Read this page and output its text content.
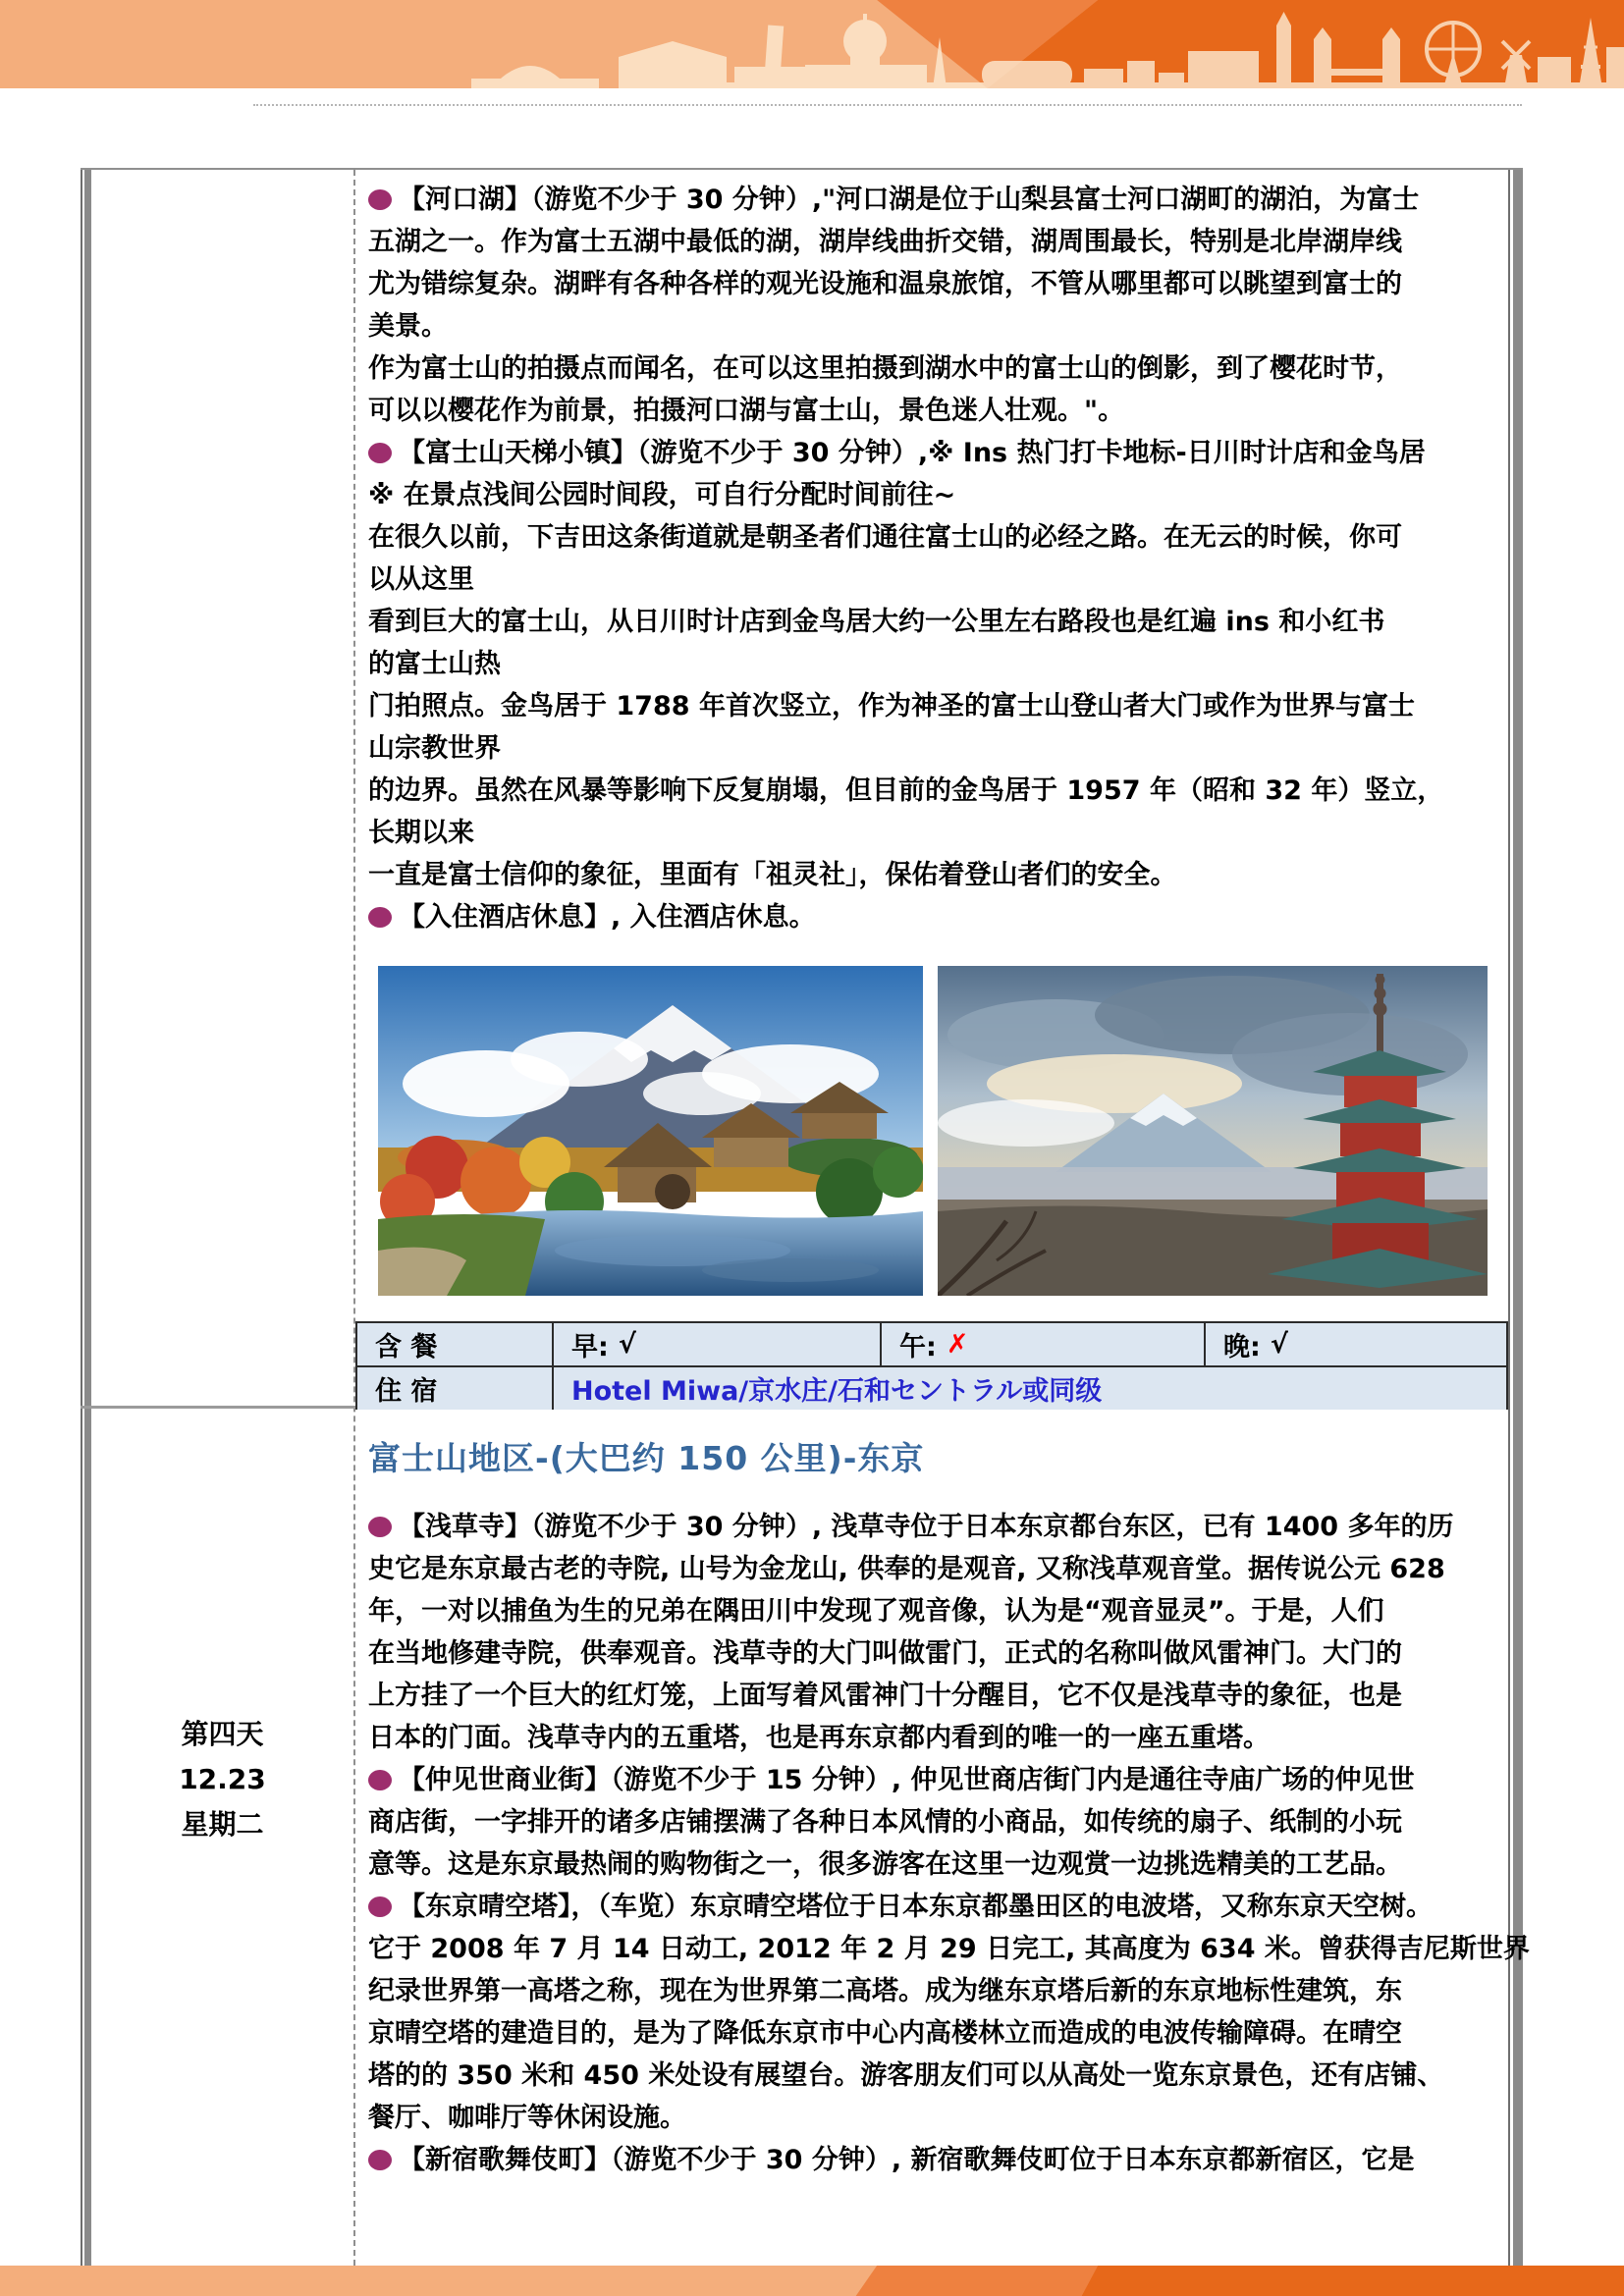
【河口湖】（游览不少于 30 分钟）,"河口湖是位于山梨县富士河口湖町的湖泊，为富士
五湖之一。作为富士五湖中最低的湖，湖岸线曲折交错，湖周围最长，特别是北岸湖岸线
尤为错综复杂。湖畔有各种各样的观光设施和温泉旅馆，不管从哪里都可以眺望到富士的
美景。
作为富士山的拍摄点而闻名，在可以这里拍摄到湖水中的富士山的倒影，到了樱花时节，
可以以樱花作为前景，拍摄河口湖与富士山，景色迷人壮观。"。
【富士山天梯小镇】（游览不少于 30 分钟）,※ Ins 热门打卡地标-日川时计店和金鸟居
※ 在景点浅间公园时间段，可自行分配时间前往~
在很久以前，下吉田这条街道就是朝圣者们通往富士山的必经之路。在无云的时候，你可
以从这里
看到巨大的富士山，从日川时计店到金鸟居大约一公里左右路段也是红遍 ins 和小红书
的富士山热
门拍照点。金鸟居于 1788 年首次竖立，作为神圣的富士山登山者大门或作为世界与富士
山宗教世界
的边界。虽然在风暴等影响下反复崩塌，但目前的金鸟居于 1957 年（昭和 32 年）竖立，
长期以来
一直是富士信仰的象征，里面有「祖灵社」，保佑着登山者们的安全。
【入住酒店休息】, 入住酒店休息。
含 餐	早: √	午: ✗	晚: √
住 宿	Hotel Miwa/京水庄/石和セントラル或同级
第四天
12.23
星期二
富士山地区-(大巴约 150 公里)-东京
【浅草寺】（游览不少于 30 分钟）, 浅草寺位于日本东京都台东区，已有 1400 多年的历
史它是东京最古老的寺院, 山号为金龙山, 供奉的是观音, 又称浅草观音堂。据传说公元 628
年，一对以捕鱼为生的兄弟在隅田川中发现了观音像，认为是“观音显灵”。于是，人们
在当地修建寺院，供奉观音。浅草寺的大门叫做雷门，正式的名称叫做风雷神门。大门的
上方挂了一个巨大的红灯笼，上面写着风雷神门十分醒目，它不仅是浅草寺的象征，也是
日本的门面。浅草寺内的五重塔，也是再东京都内看到的唯一的一座五重塔。
【仲见世商业街】（游览不少于 15 分钟）, 仲见世商店街门内是通往寺庙广场的仲见世
商店街，一字排开的诸多店铺摆满了各种日本风情的小商品，如传统的扇子、纸制的小玩
意等。这是东京最热闹的购物街之一，很多游客在这里一边观赏一边挑选精美的工艺品。
【东京晴空塔】，（车览）东京晴空塔位于日本东京都墨田区的电波塔，又称东京天空树。
它于 2008 年 7 月 14 日动工, 2012 年 2 月 29 日完工, 其高度为 634 米。曾获得吉尼斯世界
纪录世界第一高塔之称，现在为世界第二高塔。成为继东京塔后新的东京地标性建筑，东
京晴空塔的建造目的，是为了降低东京市中心内高楼林立而造成的电波传输障碍。在晴空
塔的的 350 米和 450 米处设有展望台。游客朋友们可以从高处一览东京景色，还有店铺、
餐厅、咖啡厅等休闲设施。
【新宿歌舞伎町】（游览不少于 30 分钟）, 新宿歌舞伎町位于日本东京都新宿区，它是
